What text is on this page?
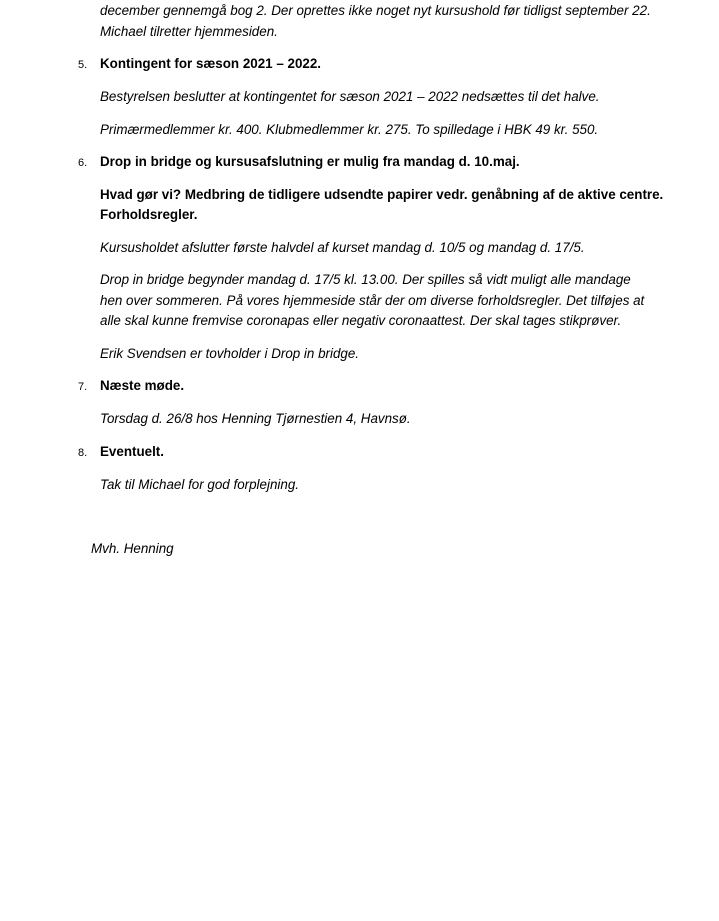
december gennemgå bog 2. Der oprettes ikke noget nyt kursushold før tidligst september 22.
Michael tilretter hjemmesiden.
5. Kontingent for sæson 2021 – 2022.
Bestyrelsen beslutter at kontingentet for sæson 2021 – 2022 nedsættes til det halve.
Primærmedlemmer kr. 400. Klubmedlemmer kr. 275. To spilledage i HBK 49 kr. 550.
6. Drop in bridge og kursusafslutning er mulig fra mandag d. 10.maj.
Hvad gør vi? Medbring de tidligere udsendte papirer vedr. genåbning af de aktive centre.
Forholdsregler.
Kursusholdet afslutter første halvdel af kurset mandag d. 10/5 og mandag d. 17/5.
Drop in bridge begynder mandag d. 17/5 kl. 13.00. Der spilles så vidt muligt alle mandage
hen over sommeren. På vores hjemmeside står der om diverse forholdsregler. Det tilføjes at
alle skal kunne fremvise coronapas eller negativ coronaattest. Der skal tages stikprøver.
Erik Svendsen er tovholder i Drop in bridge.
7. Næste møde.
Torsdag d. 26/8 hos Henning Tjørnestien 4, Havnsø.
8. Eventuelt.
Tak til Michael for god forplejning.
Mvh. Henning
